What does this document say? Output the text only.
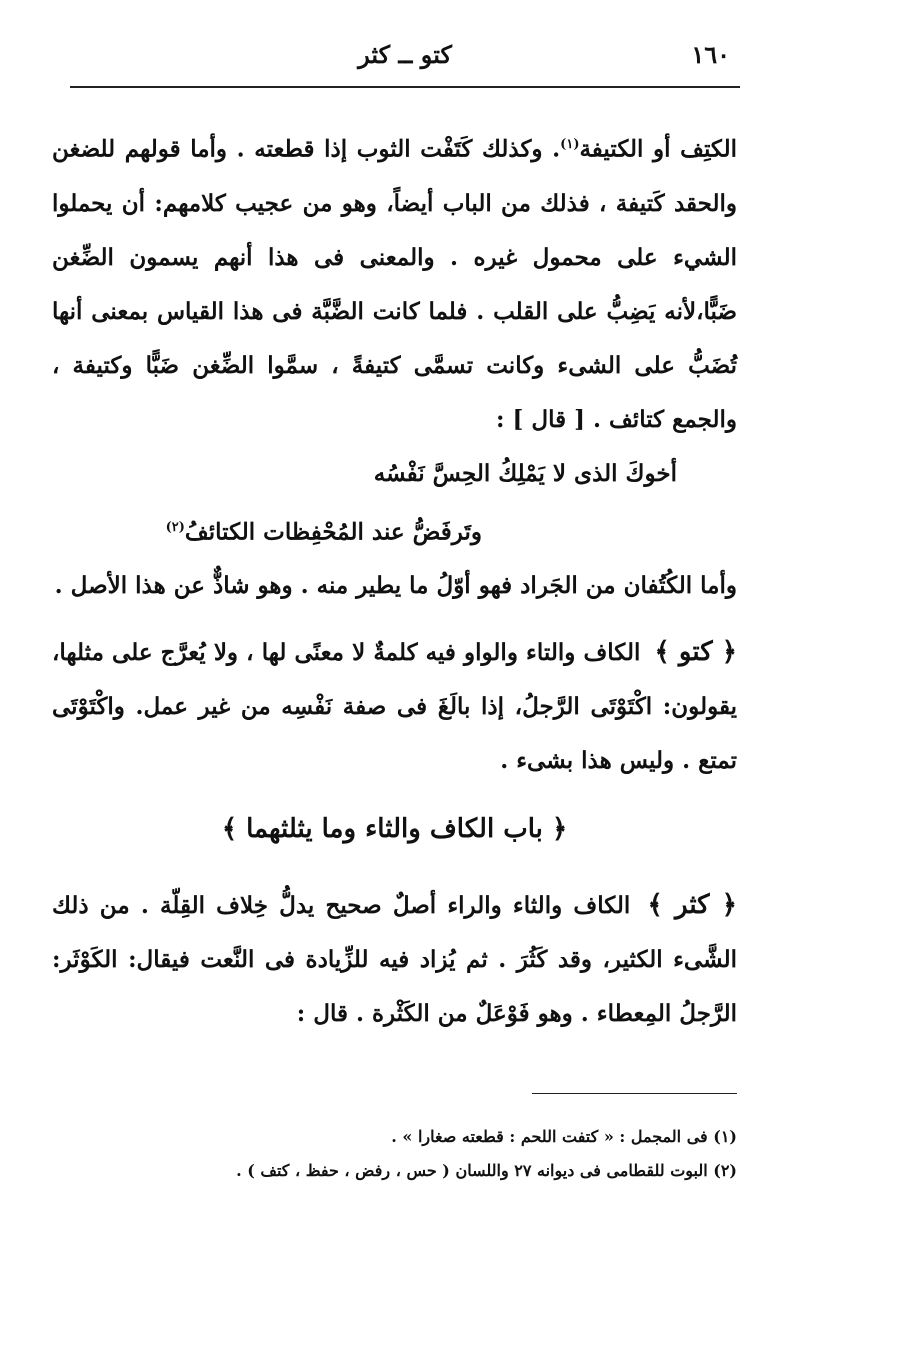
١٦٠
كتو ــ كثر

الكتِف أو الكتيفة$^{(١)}$. وكذلك كَتَفْت الثوب إذا قطعته . وأما قولهم للضغن والحقد كَتيفة ، فذلك من الباب أيضاً، وهو من عجيب كلامهم: أن يحملوا الشيء على محمول غيره . والمعنى فى هذا أنهم يسمون الضِّغن ضَبًّا،لأنه يَضِبُّ على القلب . فلما كانت الضَّبَّة فى هذا القياس بمعنى أنها تُضَبُّ على الشىء وكانت تسمَّى كتيفةً ، سمَّوا الضِّغن ضَبًّا وكتيفة ، والجمع كتائف . [ قال ] :

أخوكَ الذى لا يَمْلِكُ الحِسَّ نَفْسُه

وتَرفَضُّ عند المُحْفِظات الكتائفُ$^{(٢)}$

وأما الكُتُفان من الجَراد فهو أوّلُ ما يطير منه . وهو شاذٌّ عن هذا الأصل .

﴿ كتو ﴾ الكاف والتاء والواو فيه كلمةٌ لا معنًى لها ، ولا يُعرَّج على مثلها، يقولون: اكْتَوْتَى الرَّجلُ، إذا بالَغَ فى صفة نَفْسِه من غير عمل. واكْتَوْتَى تمتع . وليس هذا بشىء .

﴿ باب الكاف والثاء وما يثلثهما ﴾

﴿ كثر ﴾ الكاف والثاء والراء أصلٌ صحيح يدلُّ خِلاف القِلّة . من ذلك الشَّىء الكثير، وقد كَثُرَ . ثم يُزاد فيه للزِّيادة فى النَّعت فيقال: الكَوْثَر: الرَّجلُ المِعطاء . وهو فَوْعَلٌ من الكَثْرة . قال :

(١) فى المجمل : « كتفت اللحم : قطعته صغارا » .

(٢) البوت للقطامى فى ديوانه ٢٧ واللسان ( حس ، رفض ، حفظ ، كتف ) .
